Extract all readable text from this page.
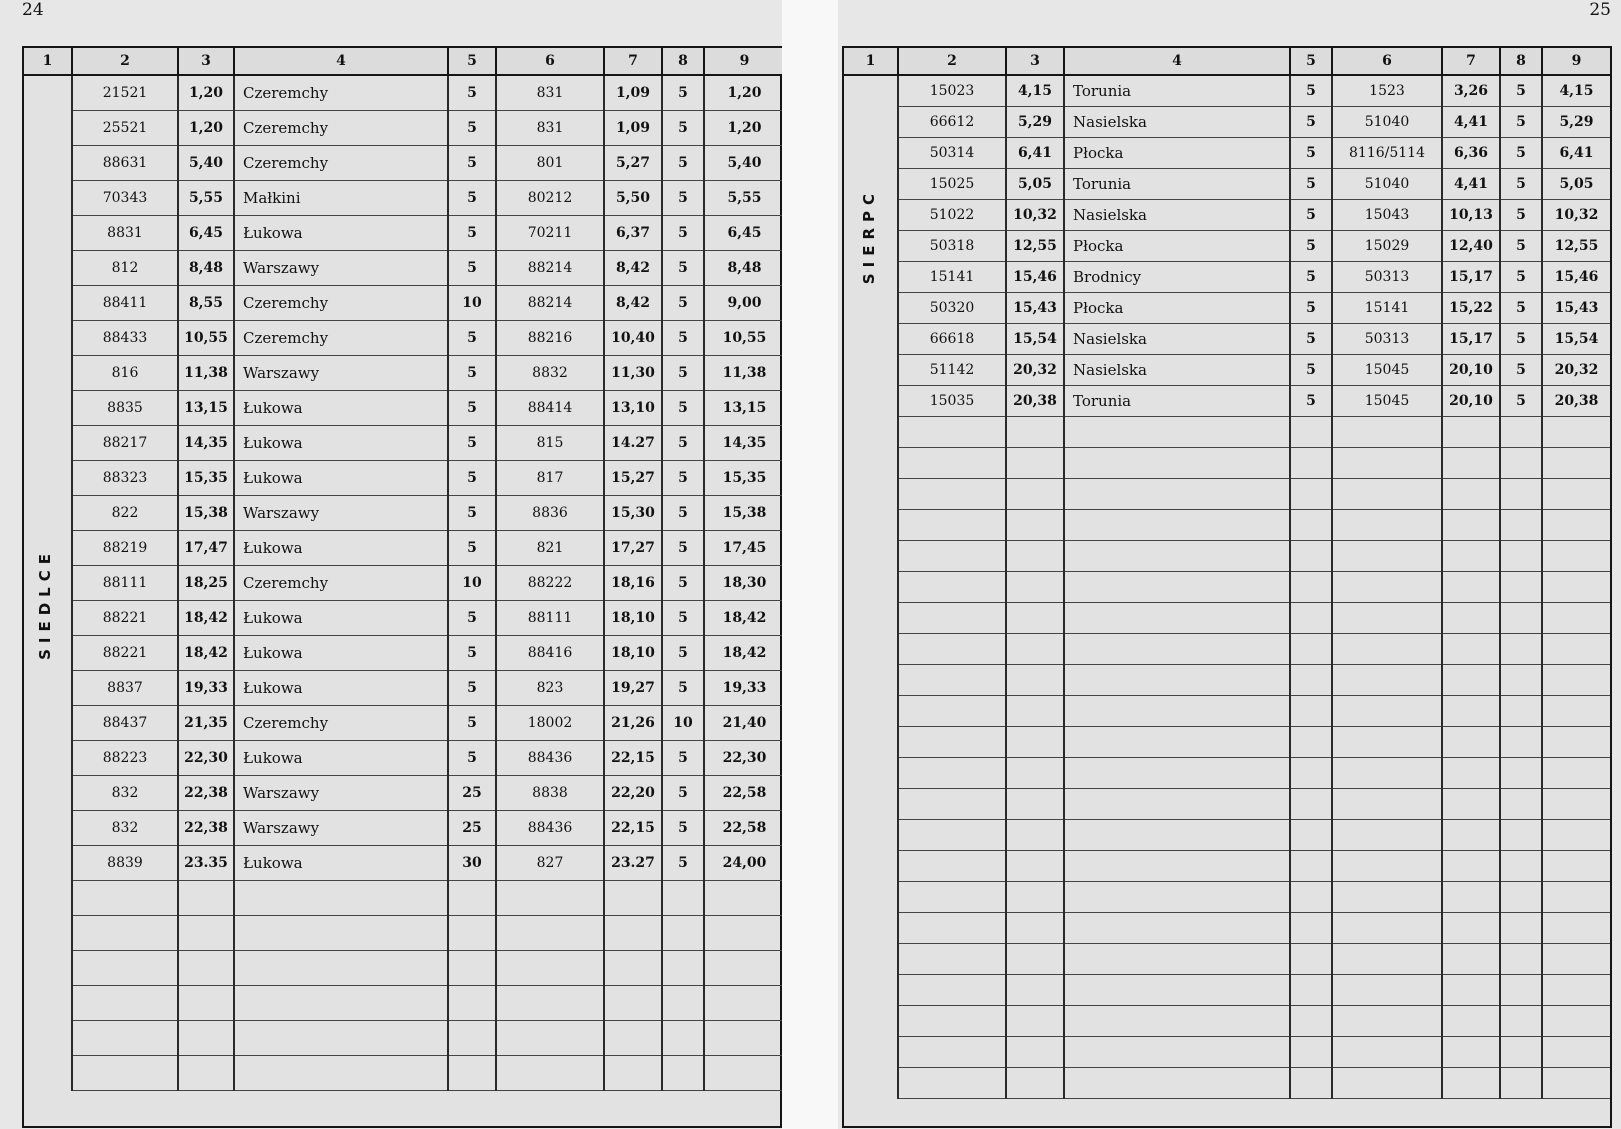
24
SIEDLCE
1	2	3	4	5	6	7	8	9
	21521	1,20	Czeremchy	5	831	1,09	5	1,20
	25521	1,20	Czeremchy	5	831	1,09	5	1,20
	88631	5,40	Czeremchy	5	801	5,27	5	5,40
	70343	5,55	Małkini	5	80212	5,50	5	5,55
	8831	6,45	Łukowa	5	70211	6,37	5	6,45
	812	8,48	Warszawy	5	88214	8,42	5	8,48
	88411	8,55	Czeremchy	10	88214	8,42	5	9,00
	88433	10,55	Czeremchy	5	88216	10,40	5	10,55
	816	11,38	Warszawy	5	8832	11,30	5	11,38
	8835	13,15	Łukowa	5	88414	13,10	5	13,15
	88217	14,35	Łukowa	5	815	14.27	5	14,35
	88323	15,35	Łukowa	5	817	15,27	5	15,35
	822	15,38	Warszawy	5	8836	15,30	5	15,38
	88219	17,47	Łukowa	5	821	17,27	5	17,45
	88111	18,25	Czeremchy	10	88222	18,16	5	18,30
	88221	18,42	Łukowa	5	88111	18,10	5	18,42
	88221	18,42	Łukowa	5	88416	18,10	5	18,42
	8837	19,33	Łukowa	5	823	19,27	5	19,33
	88437	21,35	Czeremchy	5	18002	21,26	10	21,40
	88223	22,30	Łukowa	5	88436	22,15	5	22,30
	832	22,38	Warszawy	25	8838	22,20	5	22,58
	832	22,38	Warszawy	25	88436	22,15	5	22,58
	8839	23.35	Łukowa	30	827	23.27	5	24,00

25
SIERPC
1	2	3	4	5	6	7	8	9
	15023	4,15	Torunia	5	1523	3,26	5	4,15
	66612	5,29	Nasielska	5	51040	4,41	5	5,29
	50314	6,41	Płocka	5	8116/5114	6,36	5	6,41
	15025	5,05	Torunia	5	51040	4,41	5	5,05
	51022	10,32	Nasielska	5	15043	10,13	5	10,32
	50318	12,55	Płocka	5	15029	12,40	5	12,55
	15141	15,46	Brodnicy	5	50313	15,17	5	15,46
	50320	15,43	Płocka	5	15141	15,22	5	15,43
	66618	15,54	Nasielska	5	50313	15,17	5	15,54
	51142	20,32	Nasielska	5	15045	20,10	5	20,32
	15035	20,38	Torunia	5	15045	20,10	5	20,38
